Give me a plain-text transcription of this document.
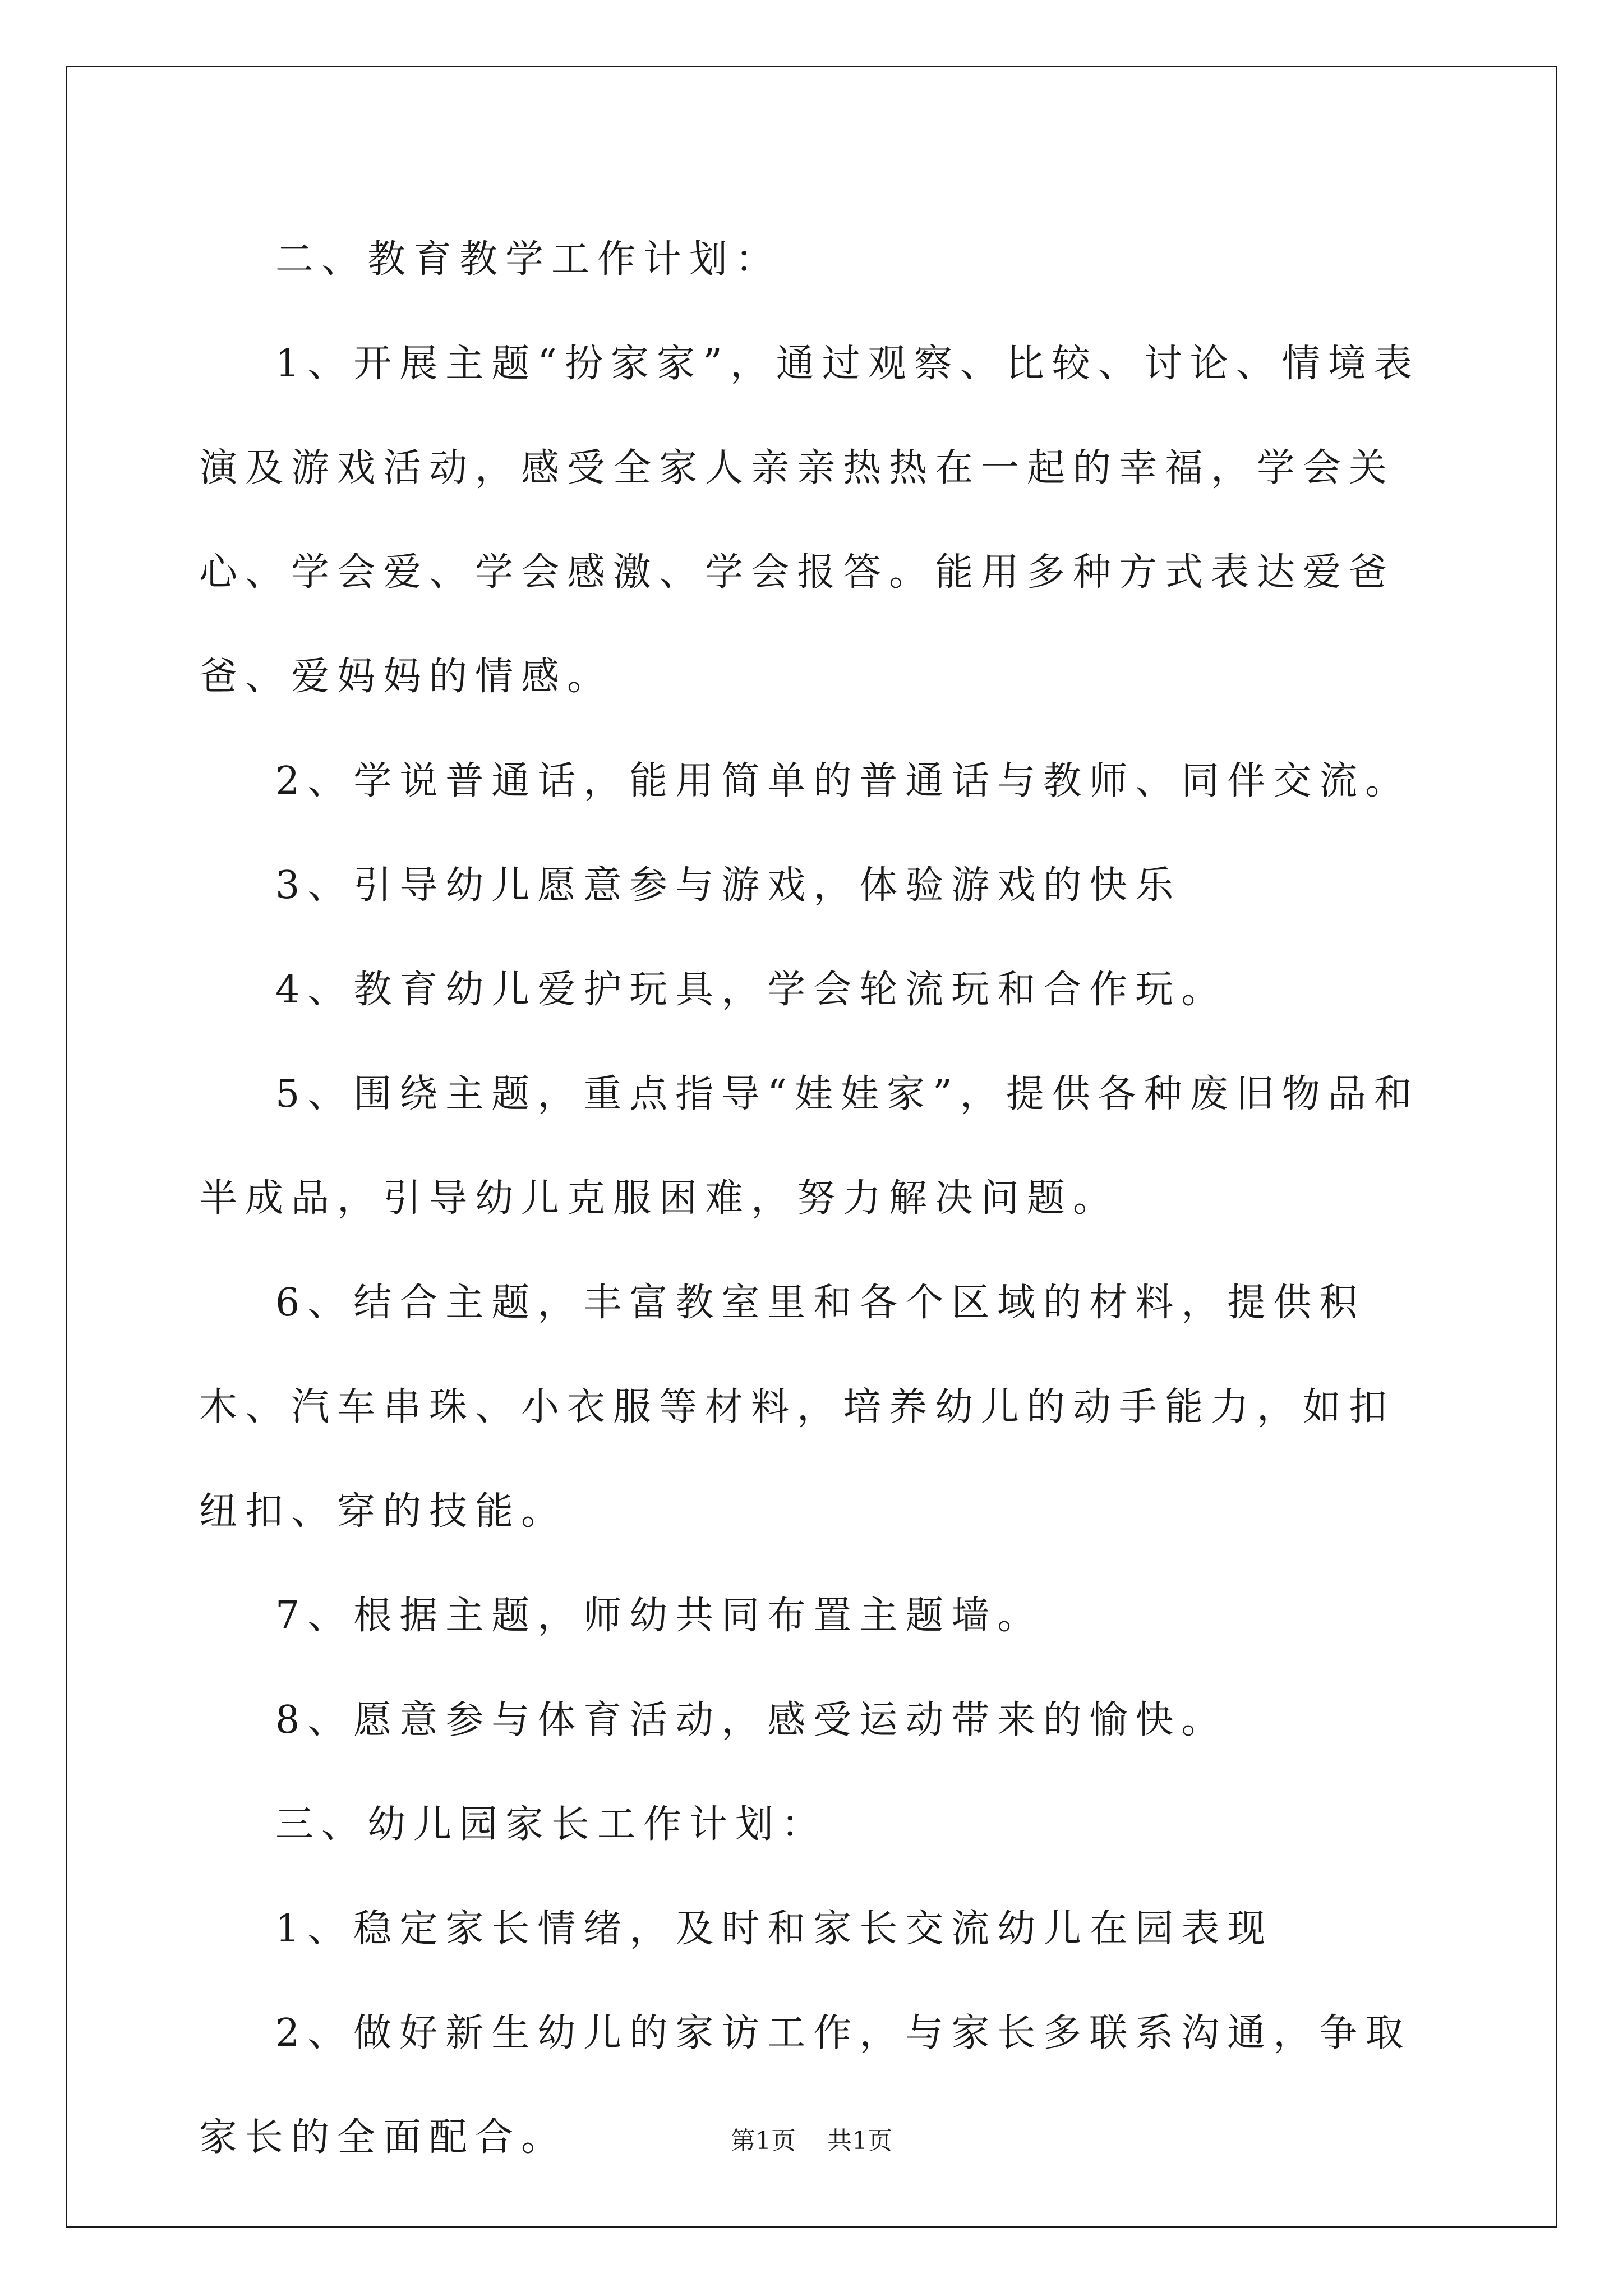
二、教育教学工作计划：

1、开展主题“扮家家”，通过观察、比较、讨论、情境表演及游戏活动，感受全家人亲亲热热在一起的幸福，学会关心、学会爱、学会感激、学会报答。能用多种方式表达爱爸爸、爱妈妈的情感。

2、学说普通话，能用简单的普通话与教师、同伴交流。

3、引导幼儿愿意参与游戏，体验游戏的快乐

4、教育幼儿爱护玩具，学会轮流玩和合作玩。

5、围绕主题，重点指导“娃娃家”，提供各种废旧物品和半成品，引导幼儿克服困难，努力解决问题。

6、结合主题，丰富教室里和各个区域的材料，提供积木、汽车串珠、小衣服等材料，培养幼儿的动手能力，如扣纽扣、穿的技能。

7、根据主题，师幼共同布置主题墙。

8、愿意参与体育活动，感受运动带来的愉快。

三、幼儿园家长工作计划：

1、稳定家长情绪，及时和家长交流幼儿在园表现

2、做好新生幼儿的家访工作，与家长多联系沟通，争取家长的全面配合。	第1页 共1页
